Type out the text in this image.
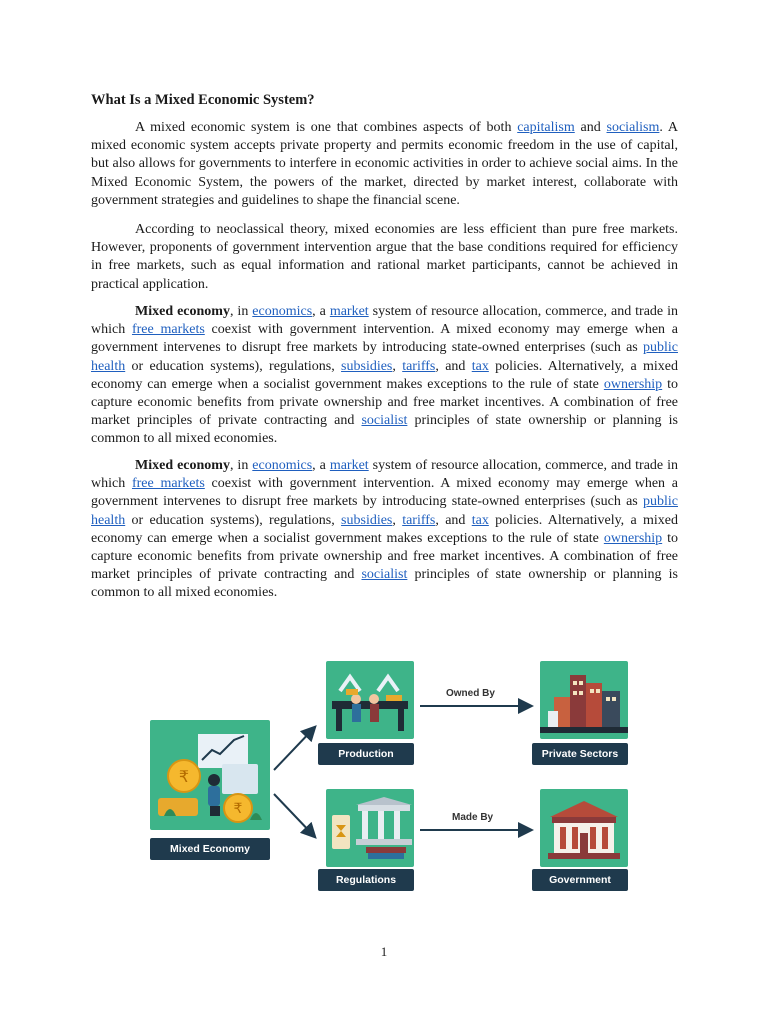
What Is a Mixed Economic System?

A mixed economic system is one that combines aspects of both capitalism and socialism. A mixed economic system accepts private property and permits economic freedom in the use of capital, but also allows for governments to interfere in economic activities in order to achieve social aims. In the Mixed Economic System, the powers of the market, directed by market interest, collaborate with government strategies and guidelines to shape the financial scene.

According to neoclassical theory, mixed economies are less efficient than pure free markets. However, proponents of government intervention argue that the base conditions required for efficiency in free markets, such as equal information and rational market participants, cannot be achieved in practical application.

Mixed economy, in economics, a market system of resource allocation, commerce, and trade in which free markets coexist with government intervention. A mixed economy may emerge when a government intervenes to disrupt free markets by introducing state-owned enterprises (such as public health or education systems), regulations, subsidies, tariffs, and tax policies. Alternatively, a mixed economy can emerge when a socialist government makes exceptions to the rule of state ownership to capture economic benefits from private ownership and free market incentives. A combination of free market principles of private contracting and socialist principles of state ownership or planning is common to all mixed economies.

Mixed economy, in economics, a market system of resource allocation, commerce, and trade in which free markets coexist with government intervention. A mixed economy may emerge when a government intervenes to disrupt free markets by introducing state-owned enterprises (such as public health or education systems), regulations, subsidies, tariffs, and tax policies. Alternatively, a mixed economy can emerge when a socialist government makes exceptions to the rule of state ownership to capture economic benefits from private ownership and free market incentives. A combination of free market principles of private contracting and socialist principles of state ownership or planning is common to all mixed economies.

₹
₹
Mixed Economy
Production
Regulations
Private Sectors
Government
Owned By
Made By
1
